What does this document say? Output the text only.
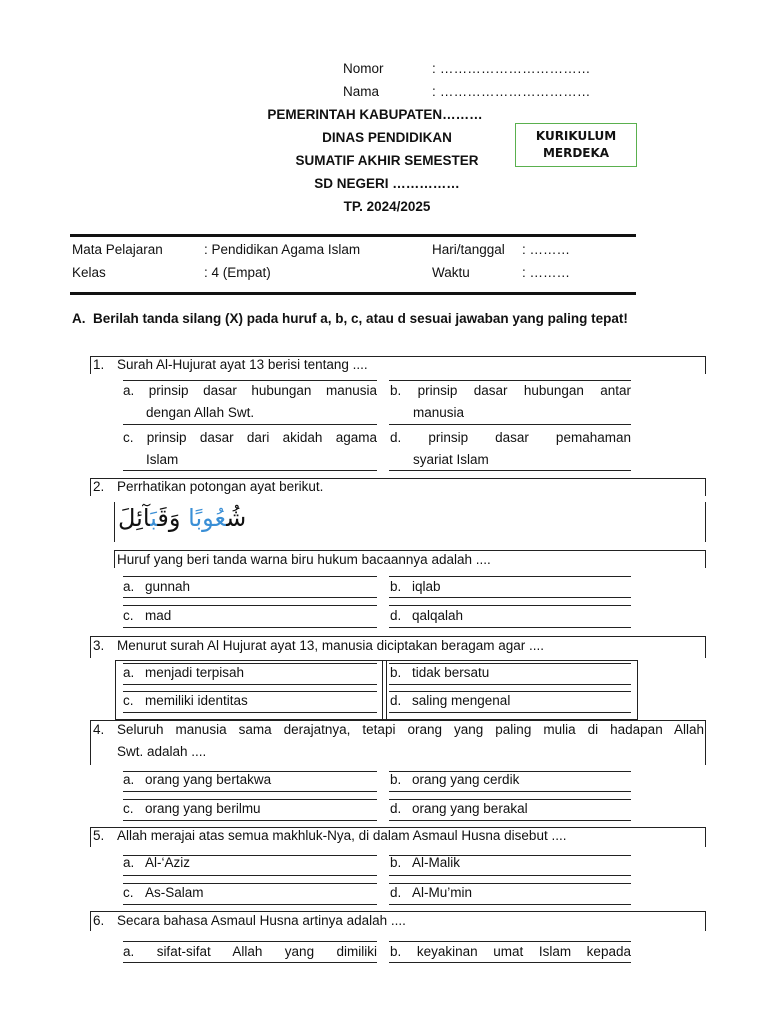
Nomor	: ……………………………
Nama	: ……………………………
PEMERINTAH KABUPATEN………
DINAS PENDIDIKAN
SUMATIF AKHIR SEMESTER
SD NEGERI ……………
TP. 2024/2025
KURIKULUM
MERDEKA
Mata Pelajaran	: Pendidikan Agama Islam	Hari/tanggal : ………
Kelas	: 4 (Empat)	Waktu	: ………
A. Berilah tanda silang (X) pada huruf a, b, c, atau d sesuai jawaban yang paling tepat!
1. Surah Al-Hujurat ayat 13 berisi tentang ....
a. prinsip dasar hubungan manusia
dengan Allah Swt.
b. prinsip dasar hubungan antar
manusia
c. prinsip dasar dari akidah agama
Islam
d. prinsip dasar pemahaman
syariat Islam
2. Perrhatikan potongan ayat berikut.
شُعُوبًا وَقَبَآئِلَ
Huruf yang beri tanda warna biru hukum bacaannya adalah ....
a. gunnah	b. iqlab
c. mad	d. qalqalah
3. Menurut surah Al Hujurat ayat 13, manusia diciptakan beragam agar ....
a. menjadi terpisah	b. tidak bersatu
c. memiliki identitas	d. saling mengenal
4. Seluruh manusia sama derajatnya, tetapi orang yang paling mulia di hadapan Allah
Swt. adalah ....
a. orang yang bertakwa	b. orang yang cerdik
c. orang yang berilmu	d. orang yang berakal
5. Allah merajai atas semua makhluk-Nya, di dalam Asmaul Husna disebut ....
a. Al-‘Aziz	b. Al-Malik
c. As-Salam	d. Al-Mu’min
6. Secara bahasa Asmaul Husna artinya adalah ....
a. sifat-sifat Allah yang dimiliki b. keyakinan umat Islam kepada
